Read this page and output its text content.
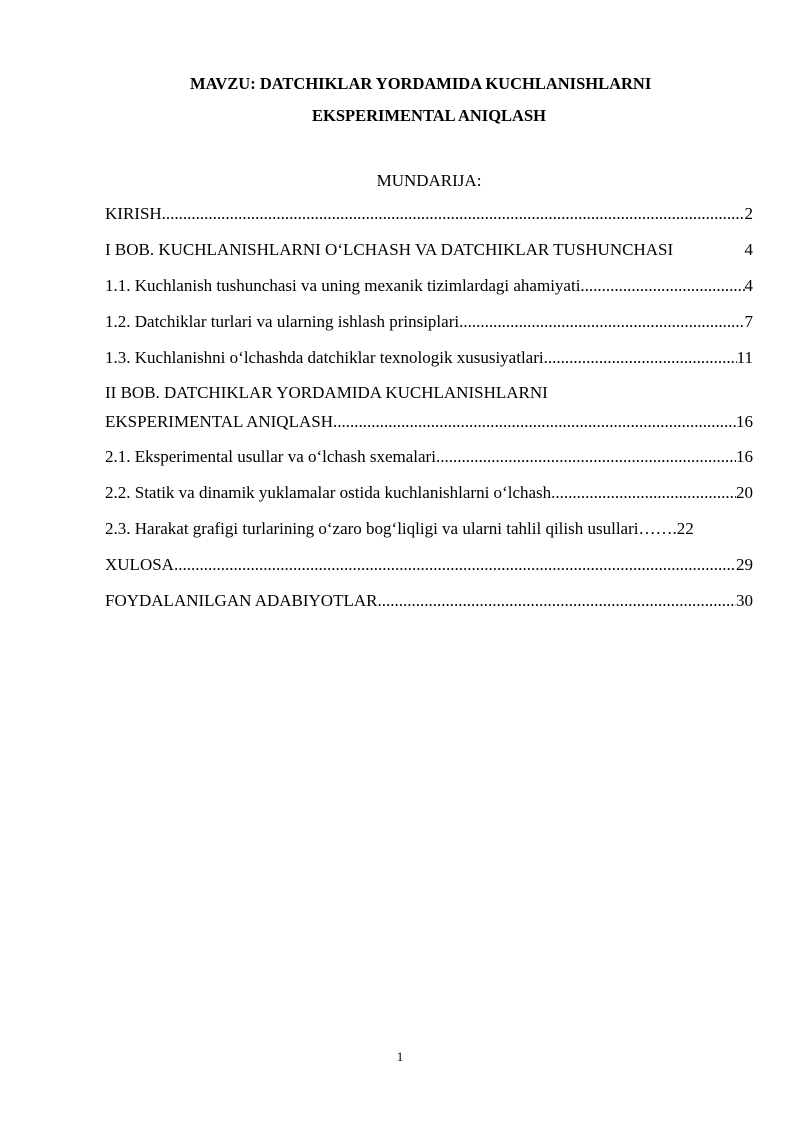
MAVZU: DATCHIKLAR YORDAMIDA KUCHLANISHLARNI
EKSPERIMENTAL ANIQLASH
MUNDARIJA:
KIRISH .....	2
I BOB. KUCHLANISHLARNI O‘LCHASH VA DATCHIKLAR TUSHUNCHASI	4
1.1. Kuchlanish tushunchasi va uning mexanik tizimlardagi ahamiyati .....	4
1.2. Datchiklar turlari va ularning ishlash prinsiplari .....	7
1.3. Kuchlanishni o‘lchashda datchiklar texnologik xususiyatlari .....	11
II BOB. DATCHIKLAR YORDAMIDA KUCHLANISHLARNI
EKSPERIMENTAL ANIQLASH .....	16
2.1. Eksperimental usullar va o‘lchash sxemalari .....	16
2.2. Statik va dinamik yuklamalar ostida kuchlanishlarni o‘lchash .....	20
2.3. Harakat grafigi turlarining o‘zaro bog‘liqligi va ularni tahlil qilish usullari ……. 22
XULOSA .....	29
FOYDALANILGAN ADABIYOTLAR .....	30
1
